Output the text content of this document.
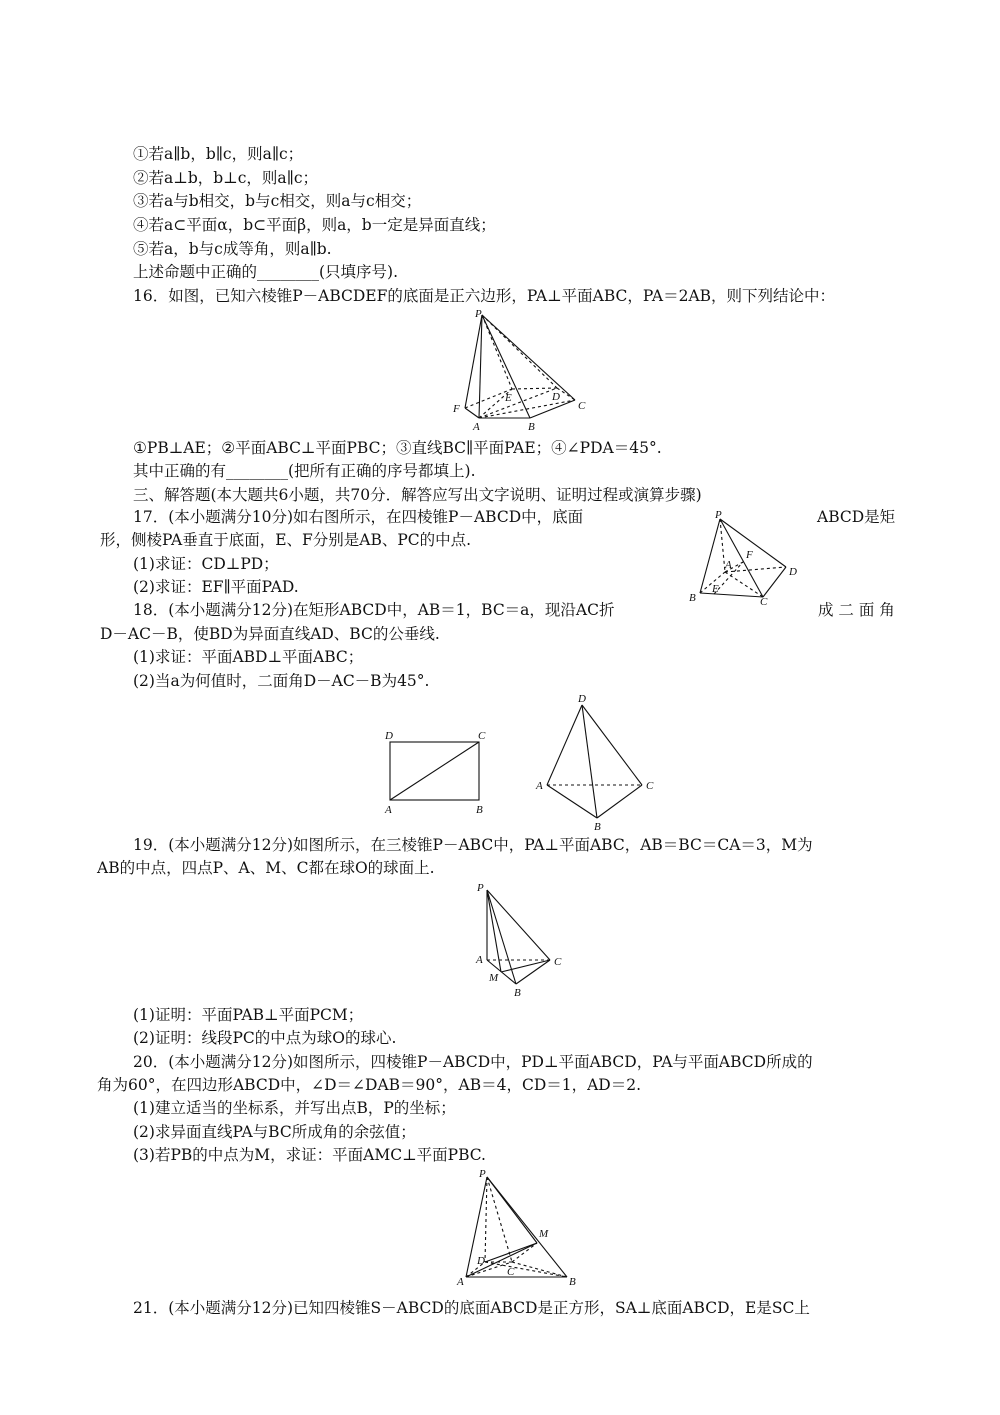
①若a∥b，b∥c，则a∥c；
②若a⊥b，b⊥c，则a∥c；
③若a与b相交，b与c相交，则a与c相交；
④若a⊂平面α，b⊂平面β，则a，b一定是异面直线；
⑤若a，b与c成等角，则a∥b.
上述命题中正确的________(只填序号).
16．如图，已知六棱锥P－ABCDEF的底面是正六边形，PA⊥平面ABC，PA＝2AB，则下列结论中：
P
F
E	D
C
A	B
①PB⊥AE；②平面ABC⊥平面PBC；③直线BC∥平面PAE；④∠PDA＝45°.
其中正确的有________(把所有正确的序号都填上).
三、解答题(本大题共6小题，共70分．解答应写出文字说明、证明过程或演算步骤)
17．(本小题满分10分)如右图所示，在四棱锥P－ABCD中，底面	ABCD是矩
形，侧棱PA垂直于底面，E、F分别是AB、PC的中点.
(1)求证：CD⊥PD；
(2)求证：EF∥平面PAD.
P
F
A
D
B
E
C
18．(本小题满分12分)在矩形ABCD中，AB＝1，BC＝a，现沿AC折	成 二 面 角
D－AC－B，使BD为异面直线AD、BC的公垂线.
(1)求证：平面ABD⊥平面ABC；
(2)当a为何值时，二面角D－AC－B为45°.
D	C
A	B
D
A	C
B
19．(本小题满分12分)如图所示，在三棱锥P－ABC中，PA⊥平面ABC，AB＝BC＝CA＝3，M为
AB的中点，四点P、A、M、C都在球O的球面上.
P
A	C
M
B
(1)证明：平面PAB⊥平面PCM；
(2)证明：线段PC的中点为球O的球心.
20．(本小题满分12分)如图所示，四棱锥P－ABCD中，PD⊥平面ABCD，PA与平面ABCD所成的
角为60°，在四边形ABCD中，∠D＝∠DAB＝90°，AB＝4，CD＝1，AD＝2.
(1)建立适当的坐标系，并写出点B，P的坐标；
(2)求异面直线PA与BC所成角的余弦值；
(3)若PB的中点为M，求证：平面AMC⊥平面PBC.
P
M
D
C
A	B
21．(本小题满分12分)已知四棱锥S－ABCD的底面ABCD是正方形，SA⊥底面ABCD，E是SC上
